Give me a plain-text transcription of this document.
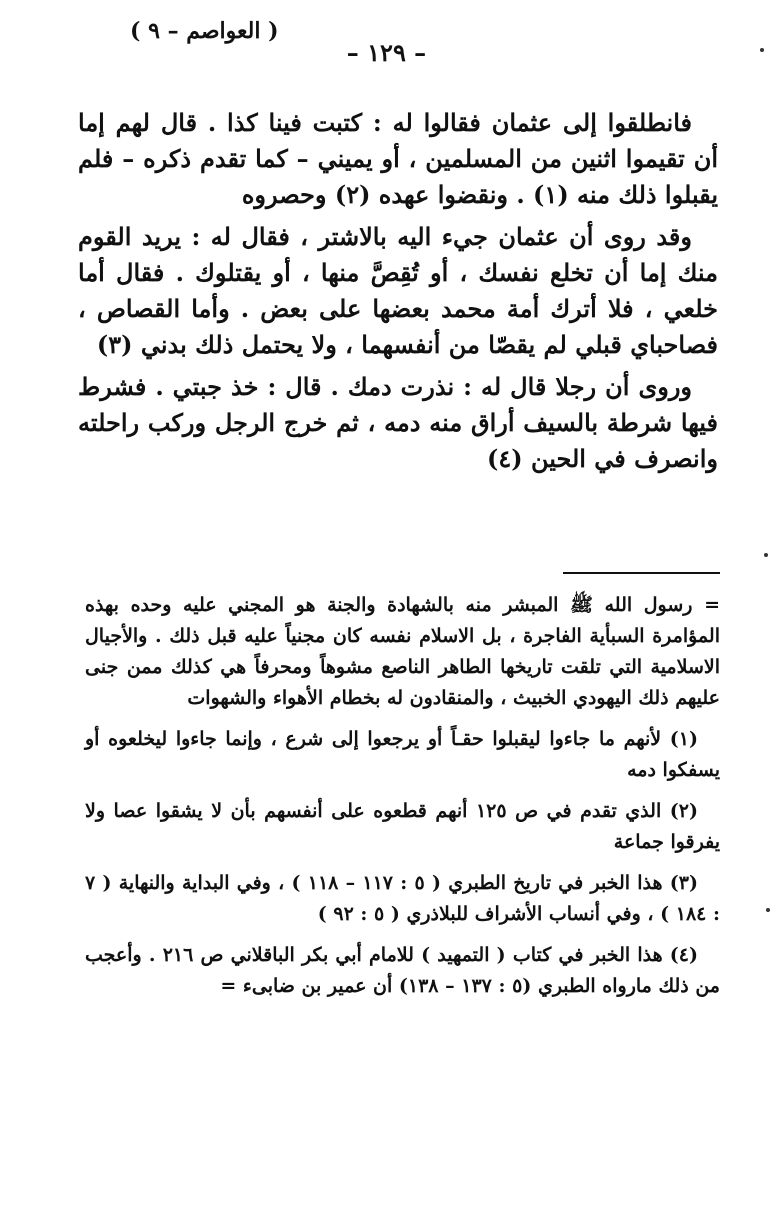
( العواصم – ٩ )
– ١٢٩ –

فانطلقوا إلى عثمان فقالوا له : كتبت فينا كذا . قال لهم إما أن تقيموا اثنين من المسلمين ، أو يميني – كما تقدم ذكره – فلم يقبلوا ذلك منه (١) . ونقضوا عهده (٢) وحصروه

وقد روى أن عثمان جيء اليه بالاشتر ، فقال له : يريد القوم منك إما أن تخلع نفسك ، أو تُقِصَّ منها ، أو يقتلوك . فقال أما خلعي ، فلا أترك أمة محمد بعضها على بعض . وأما القصاص ، فصاحباي قبلي لم يقصّا من أنفسهما ، ولا يحتمل ذلك بدني (٣)

وروى أن رجلا قال له : نذرت دمك . قال : خذ جبتي . فشرط فيها شرطة بالسيف أراق منه دمه ، ثم خرج الرجل وركب راحلته وانصرف في الحين (٤)

= رسول الله ﷺ المبشر منه بالشهادة والجنة هو المجني عليه وحده بهذه المؤامرة السبأية الفاجرة ، بل الاسلام نفسه كان مجنياً عليه قبل ذلك . والأجيال الاسلامية التي تلقت تاريخها الطاهر الناصع مشوهاً ومحرفاً هي كذلك ممن جنى عليهم ذلك اليهودي الخبيث ، والمنقادون له بخطام الأهواء والشهوات

(١) لأنهم ما جاءوا ليقبلوا حقـاً أو يرجعوا إلى شرع ، وإنما جاءوا ليخلعوه أو يسفكوا دمه

(٢) الذي تقدم في ص ١٢٥ أنهم قطعوه على أنفسهم بأن لا يشقوا عصا ولا يفرقوا جماعة

(٣) هذا الخبر في تاريخ الطبري ( ٥ : ١١٧ – ١١٨ ) ، وفي البداية والنهاية ( ٧ : ١٨٤ ) ، وفي أنساب الأشراف للبلاذري ( ٥ : ٩٢ )

(٤) هذا الخبر في كتاب ( التمهيد ) للامام أبي بكر الباقلاني ص ٢١٦ . وأعجب من ذلك مارواه الطبري (٥ : ١٣٧ – ١٣٨) أن عمير بن ضابىء =
